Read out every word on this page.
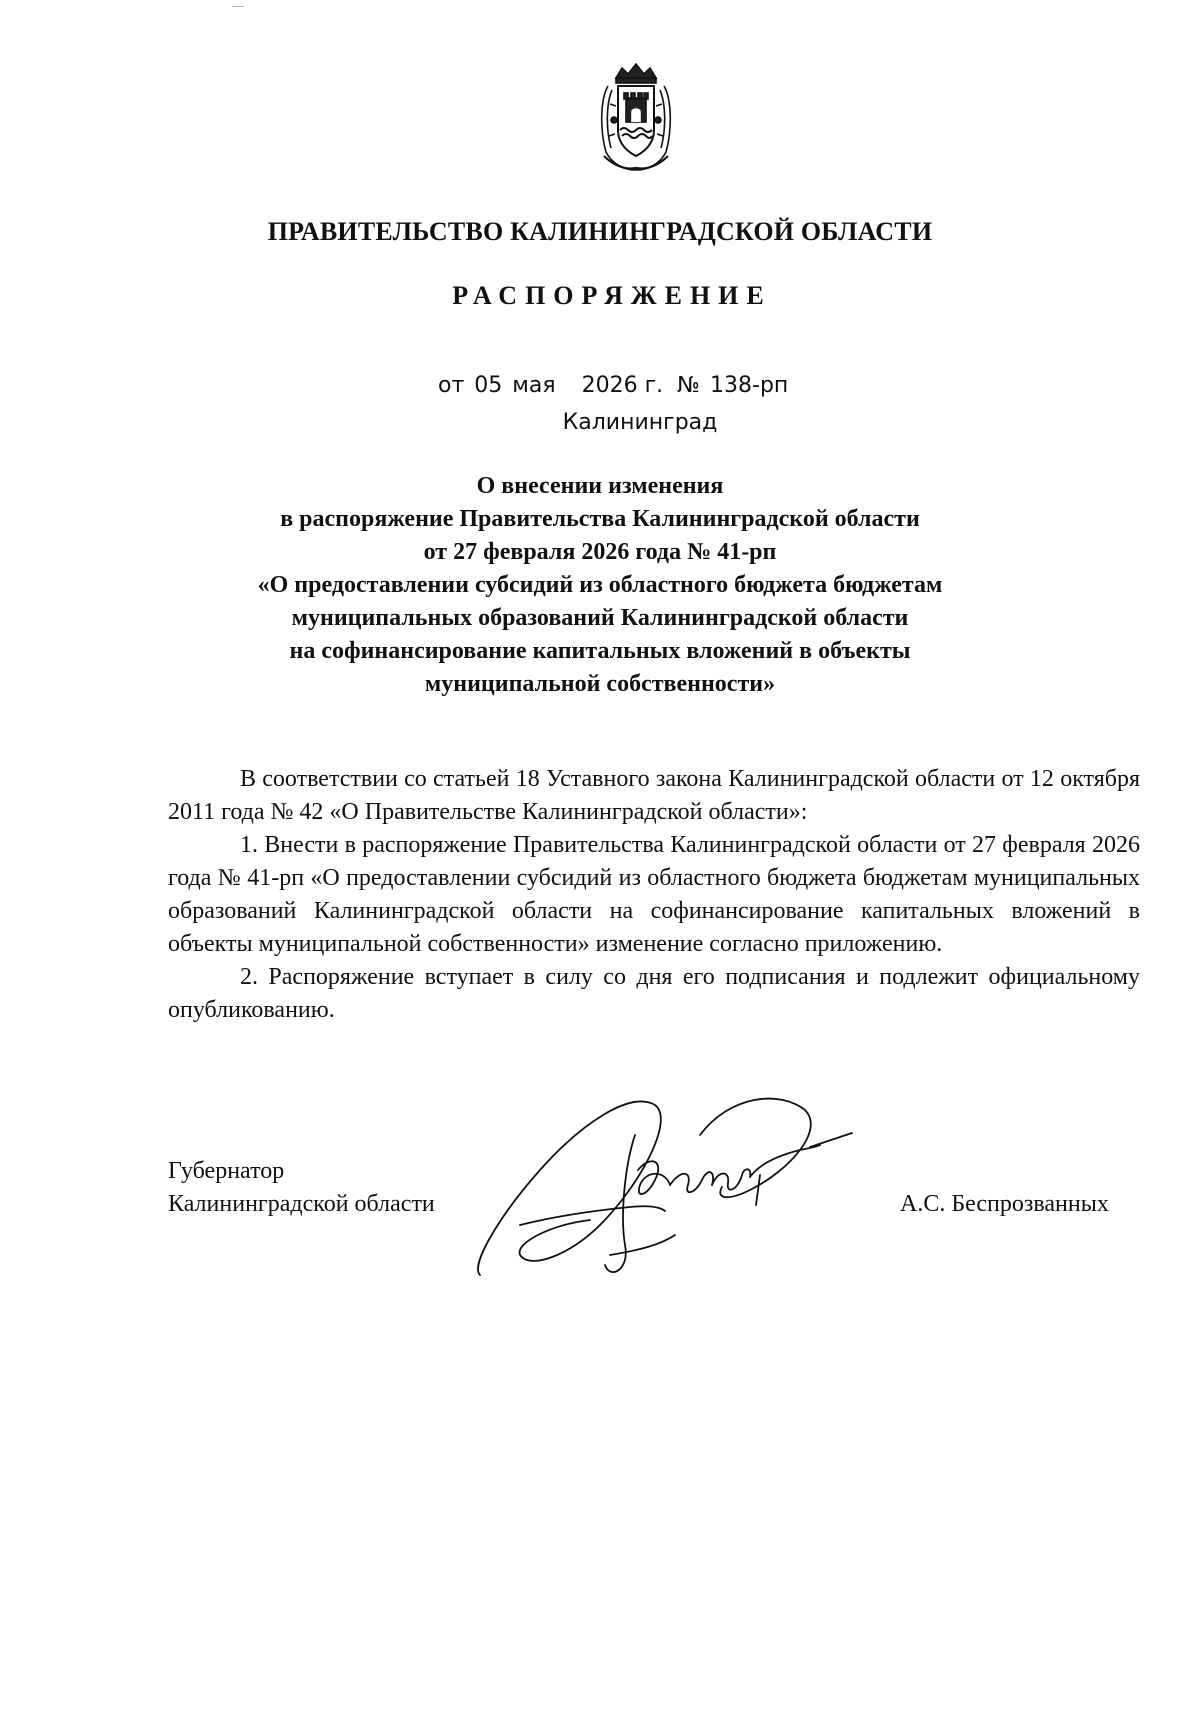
ПРАВИТЕЛЬСТВО КАЛИНИНГРАДСКОЙ ОБЛАСТИ
РАСПОРЯЖЕНИЕ
от 05 мая 2026 г. № 138-рп
Калининград
О внесении изменения
в распоряжение Правительства Калининградской области
от 27 февраля 2026 года № 41-рп
«О предоставлении субсидий из областного бюджета бюджетам
муниципальных образований Калининградской области
на софинансирование капитальных вложений в объекты
муниципальной собственности»

В соответствии со статьей 18 Уставного закона Калининградской области от 12 октября 2011 года № 42 «О Правительстве Калининградской области»:

1. Внести в распоряжение Правительства Калининградской области от 27 февраля 2026 года № 41-рп «О предоставлении субсидий из областного бюджета бюджетам муниципальных образований Калининградской области на софинансирование капитальных вложений в объекты муниципальной собственности» изменение согласно приложению.

2. Распоряжение вступает в силу со дня его подписания и подлежит официальному опубликованию.

Губернатор
Калининградской области	А.С. Беспрозванных
